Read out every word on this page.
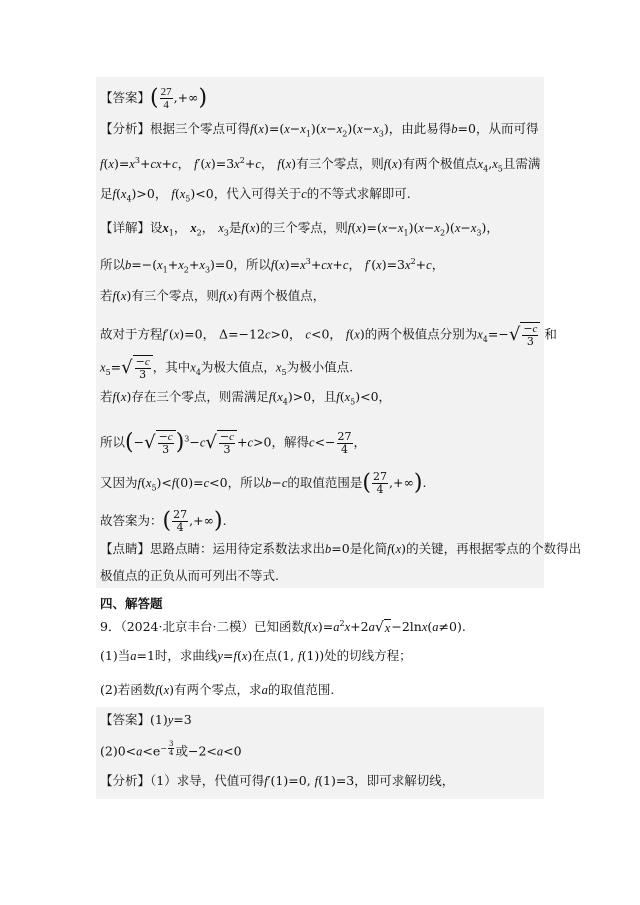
【答案】( $\frac{27}{4}$ ,+∞)
【分析】根据三个零点可得$f(x)=(x-x_1)(x-x_2)(x-x_3)$，由此易得b=0，从而可得
$f(x)=x^3+cx+c$， $f'(x)=3x^2+c$， f(x)有三个零点，则f(x)有两个极值点$x_4,x_5$且需满
足$f(x_4)>0$， $f(x_5)<0$，代入可得关于c的不等式求解即可.
【详解】设$x_1$， $x_2$， $x_3$是f(x)的三个零点，则$f(x)=(x-x_1)(x-x_2)(x-x_3)$，
所以$b=-(x_1+x_2+x_3)=0$，所以$f(x)=x^3+cx+c$， $f'(x)=3x^2+c$，
若f(x)有三个零点，则f(x)有两个极值点，
故对于方程f′(x)=0， Δ=−12c>0， c<0， f(x)的两个极值点分别为$x_4=-√ \frac{-c}{3}$ 和
$x_5=√ \frac{-c}{3}$ ，其中$x_4$为极大值点，$x_5$为极小值点.
若f(x)存在三个零点，则需满足$f(x_4)>0$，且$f(x_5)<0$，
所以(−√ $\frac{-c}{3} )^3-c√ \frac{-c}{3} +c>0$，解得$c<- \frac{27}{4}$ ，
又因为$f(x_5)<f(0)=c<0$，所以b−c的取值范围是( $\frac{27}{4}$ ,+∞).
故答案为：( $\frac{27}{4}$ ,+∞).
【点睛】思路点睛：运用待定系数法求出b=0是化简f(x)的关键，再根据零点的个数得出
极值点的正负从而可列出不等式.
四、解答题
9．（2024·北京丰台·二模）已知函数$f(x)=a^2x+2a√x-2\ln x(a\ne 0)$.
(1)当a=1时，求曲线y=f(x)在点(1, f(1))处的切线方程；
(2)若函数f(x)有两个零点，求a的取值范围.
【答案】(1)y=3
$(2)0<a<e^{- \frac{3}{4}}$ 或−2<a<0
【分析】（1）求导，代值可得f′(1)=0, f(1)=3，即可求解切线，
